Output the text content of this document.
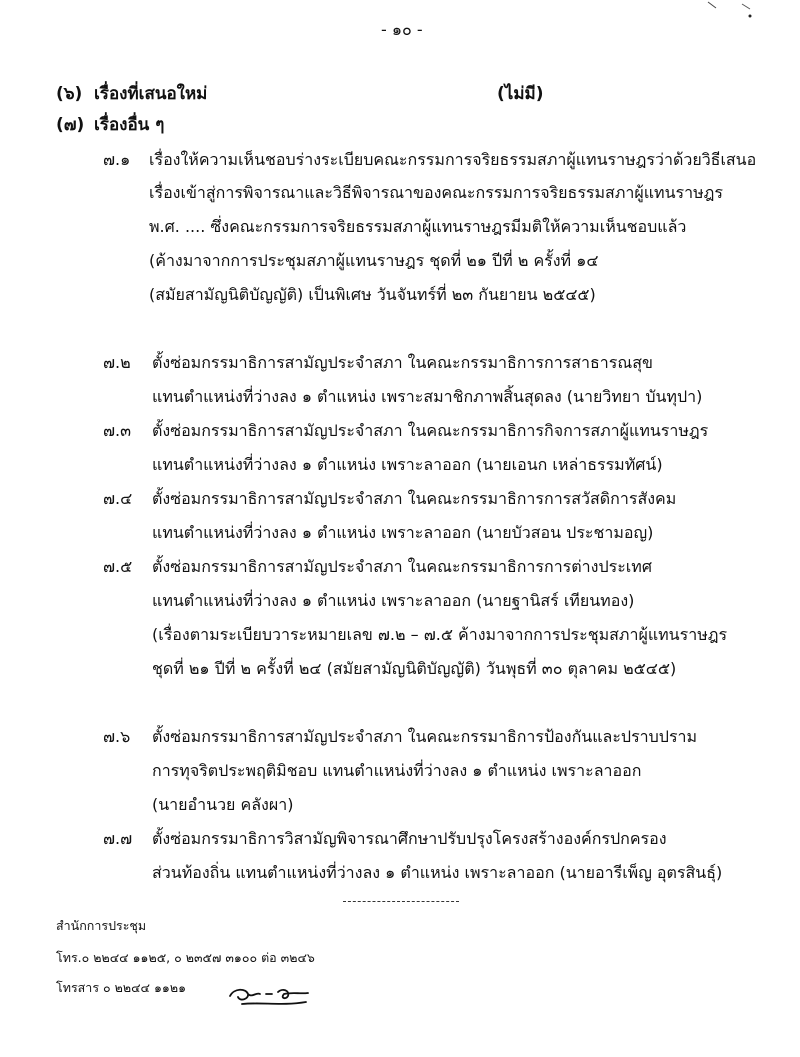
- ๑๐ -
(๖) เรื่องที่เสนอใหม่	(ไม่มี)
(๗) เรื่องอื่น ๆ
๗.๑ เรื่องให้ความเห็นชอบร่างระเบียบคณะกรรมการจริยธรรมสภาผู้แทนราษฎรว่าด้วยวิธีเสนอ
เรื่องเข้าสู่การพิจารณาและวิธีพิจารณาของคณะกรรมการจริยธรรมสภาผู้แทนราษฎร
พ.ศ. .... ซึ่งคณะกรรมการจริยธรรมสภาผู้แทนราษฎรมีมติให้ความเห็นชอบแล้ว
(ค้างมาจากการประชุมสภาผู้แทนราษฎร ชุดที่ ๒๑ ปีที่ ๒ ครั้งที่ ๑๔
(สมัยสามัญนิติบัญญัติ) เป็นพิเศษ วันจันทร์ที่ ๒๓ กันยายน ๒๕๔๕)
๗.๒ ตั้งซ่อมกรรมาธิการสามัญประจำสภา ในคณะกรรมาธิการการสาธารณสุข
แทนตำแหน่งที่ว่างลง ๑ ตำแหน่ง เพราะสมาชิกภาพสิ้นสุดลง (นายวิทยา บันทุปา)
๗.๓ ตั้งซ่อมกรรมาธิการสามัญประจำสภา ในคณะกรรมาธิการกิจการสภาผู้แทนราษฎร
แทนตำแหน่งที่ว่างลง ๑ ตำแหน่ง เพราะลาออก (นายเอนก เหล่าธรรมทัศน์)
๗.๔ ตั้งซ่อมกรรมาธิการสามัญประจำสภา ในคณะกรรมาธิการการสวัสดิการสังคม
แทนตำแหน่งที่ว่างลง ๑ ตำแหน่ง เพราะลาออก (นายบัวสอน ประชามอญ)
๗.๕ ตั้งซ่อมกรรมาธิการสามัญประจำสภา ในคณะกรรมาธิการการต่างประเทศ
แทนตำแหน่งที่ว่างลง ๑ ตำแหน่ง เพราะลาออก (นายฐานิสร์ เทียนทอง)
(เรื่องตามระเบียบวาระหมายเลข ๗.๒ – ๗.๕ ค้างมาจากการประชุมสภาผู้แทนราษฎร
ชุดที่ ๒๑ ปีที่ ๒ ครั้งที่ ๒๔ (สมัยสามัญนิติบัญญัติ) วันพุธที่ ๓๐ ตุลาคม ๒๕๔๕)
๗.๖ ตั้งซ่อมกรรมาธิการสามัญประจำสภา ในคณะกรรมาธิการป้องกันและปราบปราม
การทุจริตประพฤติมิชอบ แทนตำแหน่งที่ว่างลง ๑ ตำแหน่ง เพราะลาออก
(นายอำนวย คลังผา)
๗.๗ ตั้งซ่อมกรรมาธิการวิสามัญพิจารณาศึกษาปรับปรุงโครงสร้างองค์กรปกครอง
ส่วนท้องถิ่น แทนตำแหน่งที่ว่างลง ๑ ตำแหน่ง เพราะลาออก (นายอารีเพ็ญ อุตรสินธุ์)
สำนักการประชุม
โทร.๐ ๒๒๔๔ ๑๑๒๕, ๐ ๒๓๕๗ ๓๑๐๐ ต่อ ๓๒๔๖
โทรสาร ๐ ๒๒๔๔ ๑๑๒๑
